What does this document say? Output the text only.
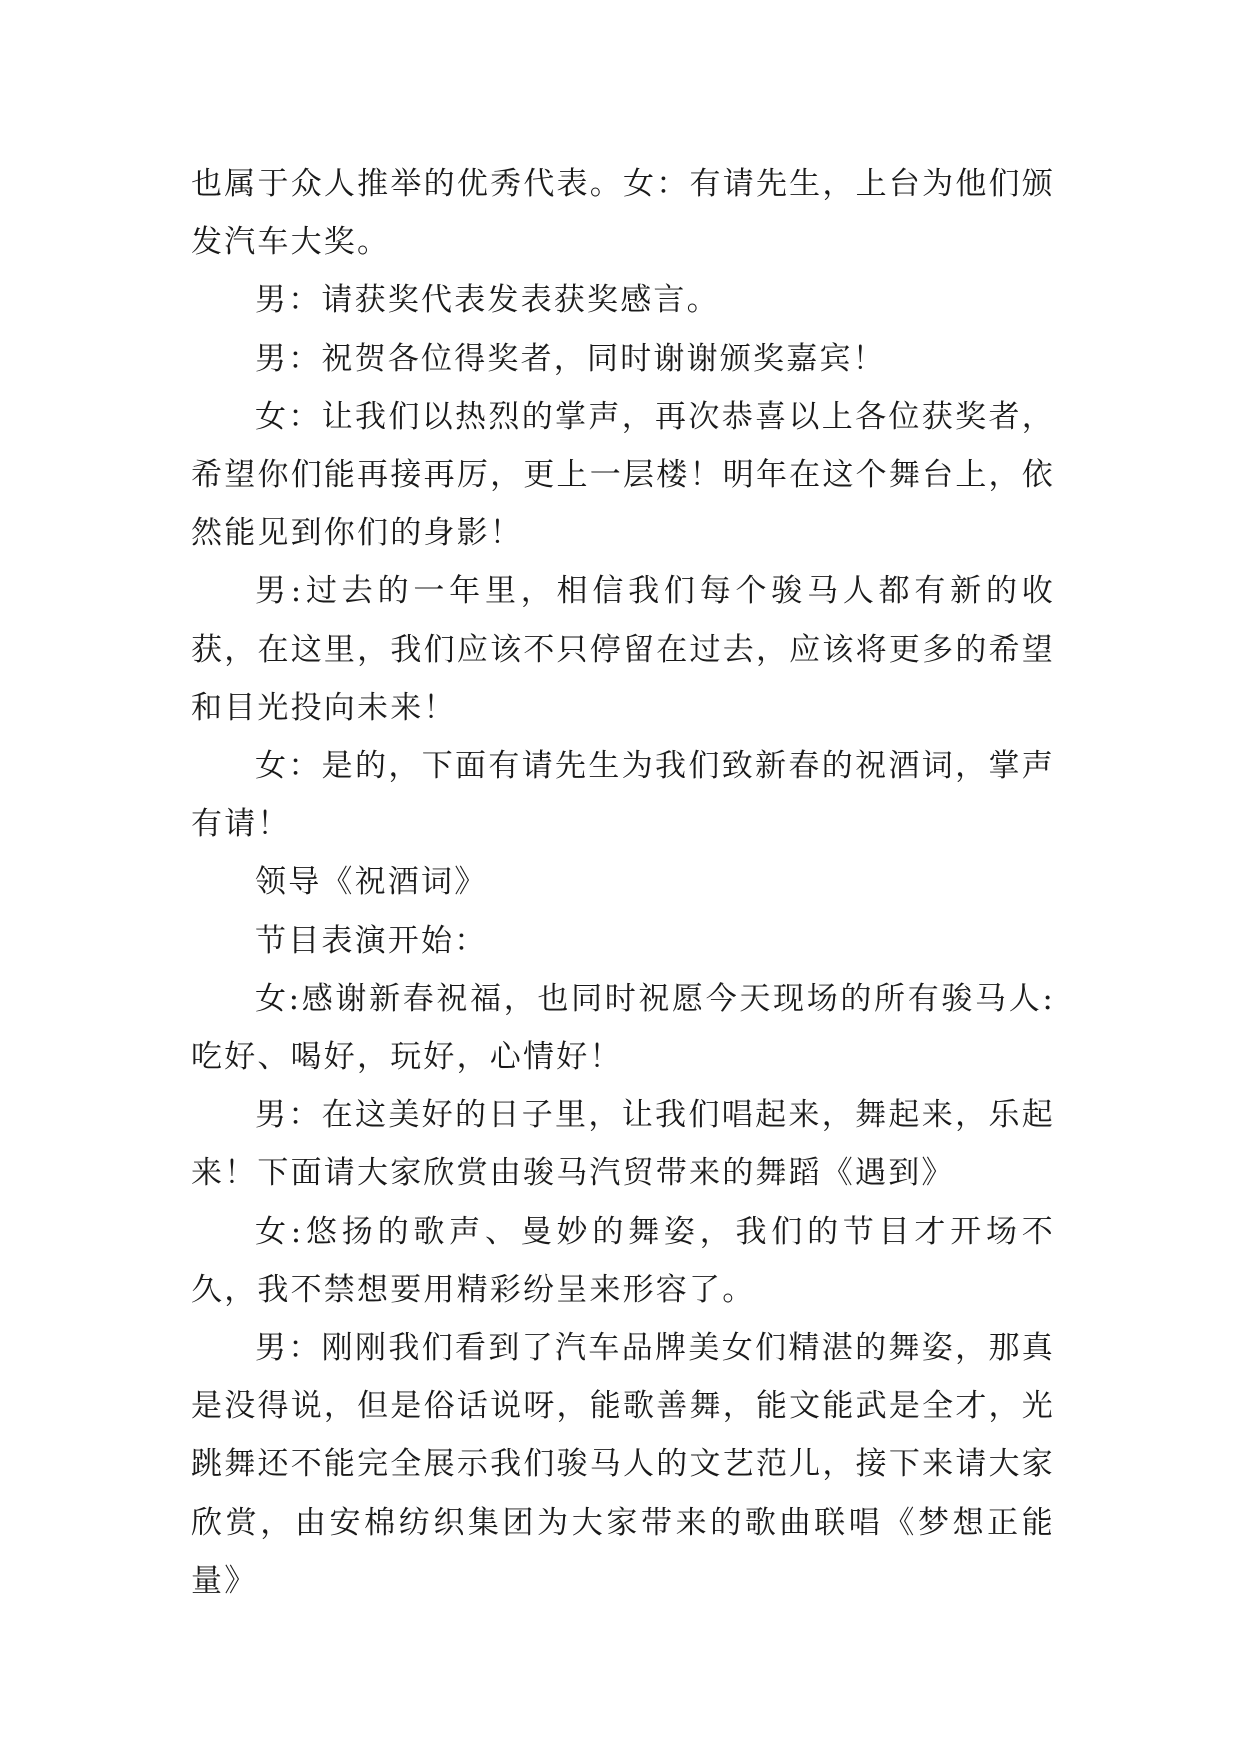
也属于众人推举的优秀代表。女：有请先生，上台为他们颁发汽车大奖。

男：请获奖代表发表获奖感言。

男：祝贺各位得奖者，同时谢谢颁奖嘉宾！

女：让我们以热烈的掌声，再次恭喜以上各位获奖者，希望你们能再接再厉，更上一层楼！明年在这个舞台上，依然能见到你们的身影！

男:过去的一年里，相信我们每个骏马人都有新的收获，在这里，我们应该不只停留在过去，应该将更多的希望和目光投向未来！

女：是的，下面有请先生为我们致新春的祝酒词，掌声有请！

领导《祝酒词》

节目表演开始：

女:感谢新春祝福，也同时祝愿今天现场的所有骏马人:吃好、喝好，玩好，心情好！

男：在这美好的日子里，让我们唱起来，舞起来，乐起来！下面请大家欣赏由骏马汽贸带来的舞蹈《遇到》

女:悠扬的歌声、曼妙的舞姿，我们的节目才开场不久，我不禁想要用精彩纷呈来形容了。

男：刚刚我们看到了汽车品牌美女们精湛的舞姿，那真是没得说，但是俗话说呀，能歌善舞，能文能武是全才，光跳舞还不能完全展示我们骏马人的文艺范儿，接下来请大家欣赏，由安棉纺织集团为大家带来的歌曲联唱《梦想正能量》
